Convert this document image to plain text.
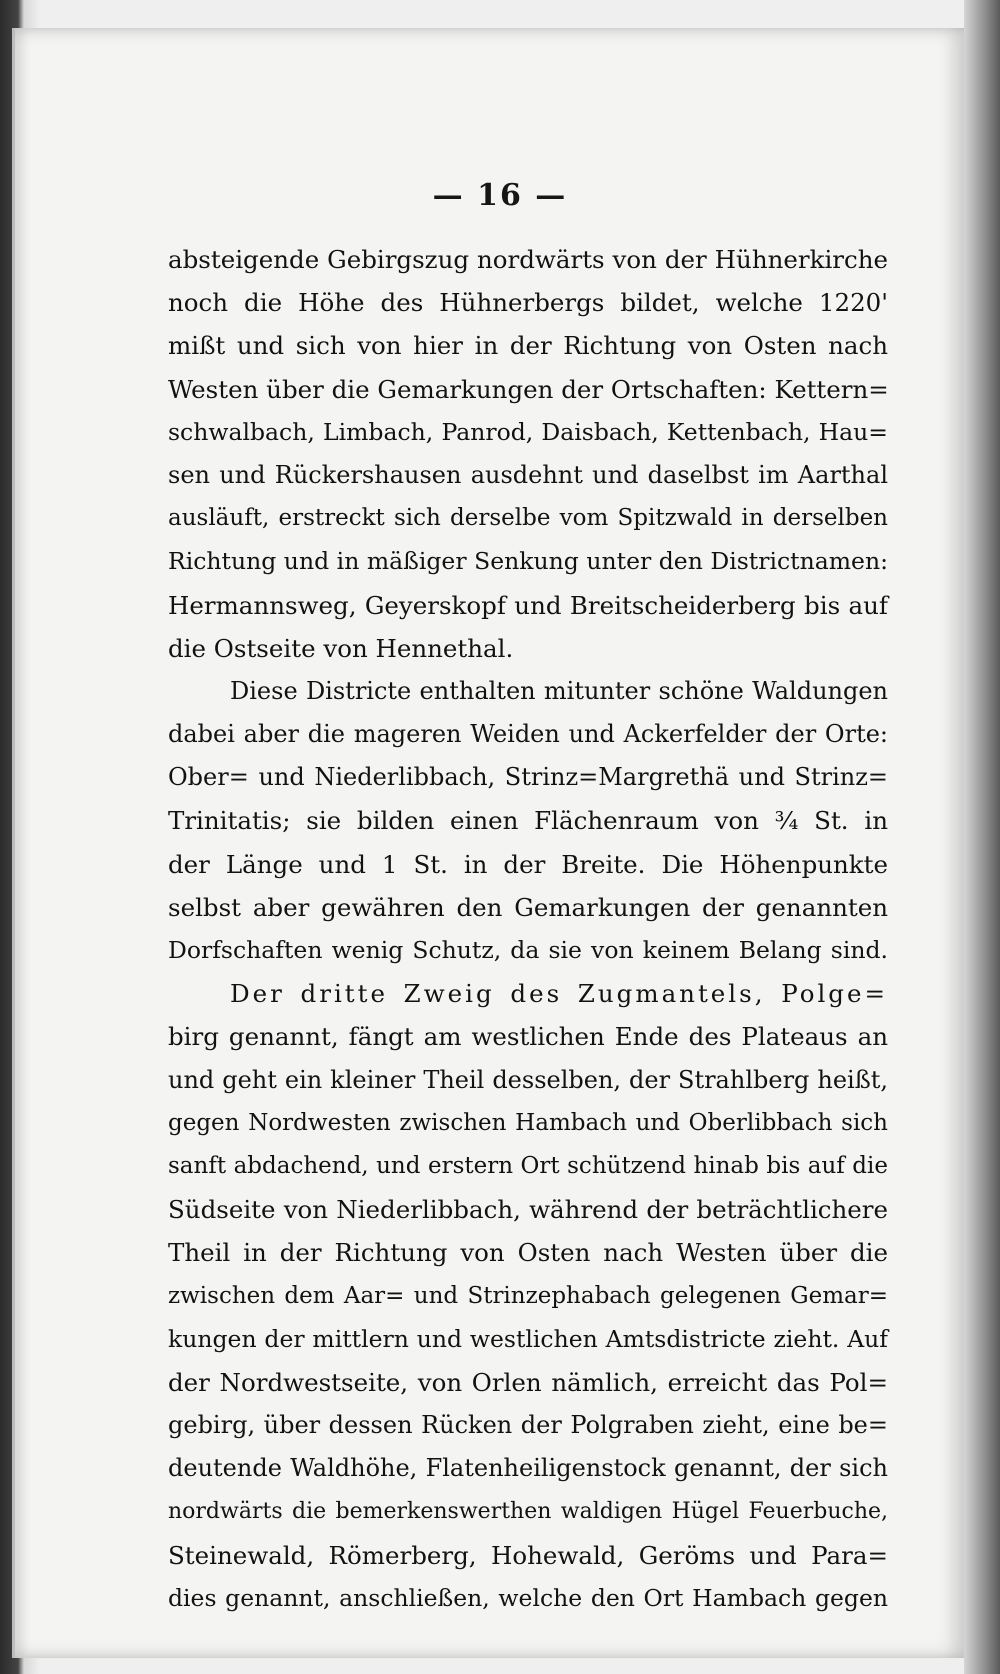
— 16 —
absteigende Gebirgszug nordwärts von der Hühnerkirche
noch die Höhe des Hühnerbergs bildet, welche 1220'
mißt und sich von hier in der Richtung von Osten nach
Westen über die Gemarkungen der Ortschaften: Kettern=
schwalbach, Limbach, Panrod, Daisbach, Kettenbach, Hau=
sen und Rückershausen ausdehnt und daselbst im Aarthal
ausläuft, erstreckt sich derselbe vom Spitzwald in derselben
Richtung und in mäßiger Senkung unter den Districtnamen:
Hermannsweg, Geyerskopf und Breitscheiderberg bis auf
die Ostseite von Hennethal.
Diese Districte enthalten mitunter schöne Waldungen
dabei aber die mageren Weiden und Ackerfelder der Orte:
Ober= und Niederlibbach, Strinz=Margrethä und Strinz=
Trinitatis; sie bilden einen Flächenraum von ¾ St. in
der Länge und 1 St. in der Breite. Die Höhenpunkte
selbst aber gewähren den Gemarkungen der genannten
Dorfschaften wenig Schutz, da sie von keinem Belang sind.
Der dritte Zweig des Zugmantels, Polge=
birg genannt, fängt am westlichen Ende des Plateaus an
und geht ein kleiner Theil desselben, der Strahlberg heißt,
gegen Nordwesten zwischen Hambach und Oberlibbach sich
sanft abdachend, und erstern Ort schützend hinab bis auf die
Südseite von Niederlibbach, während der beträchtlichere
Theil in der Richtung von Osten nach Westen über die
zwischen dem Aar= und Strinzephabach gelegenen Gemar=
kungen der mittlern und westlichen Amtsdistricte zieht. Auf
der Nordwestseite, von Orlen nämlich, erreicht das Pol=
gebirg, über dessen Rücken der Polgraben zieht, eine be=
deutende Waldhöhe, Flatenheiligenstock genannt, der sich
nordwärts die bemerkenswerthen waldigen Hügel Feuerbuche,
Steinewald, Römerberg, Hohewald, Geröms und Para=
dies genannt, anschließen, welche den Ort Hambach gegen
